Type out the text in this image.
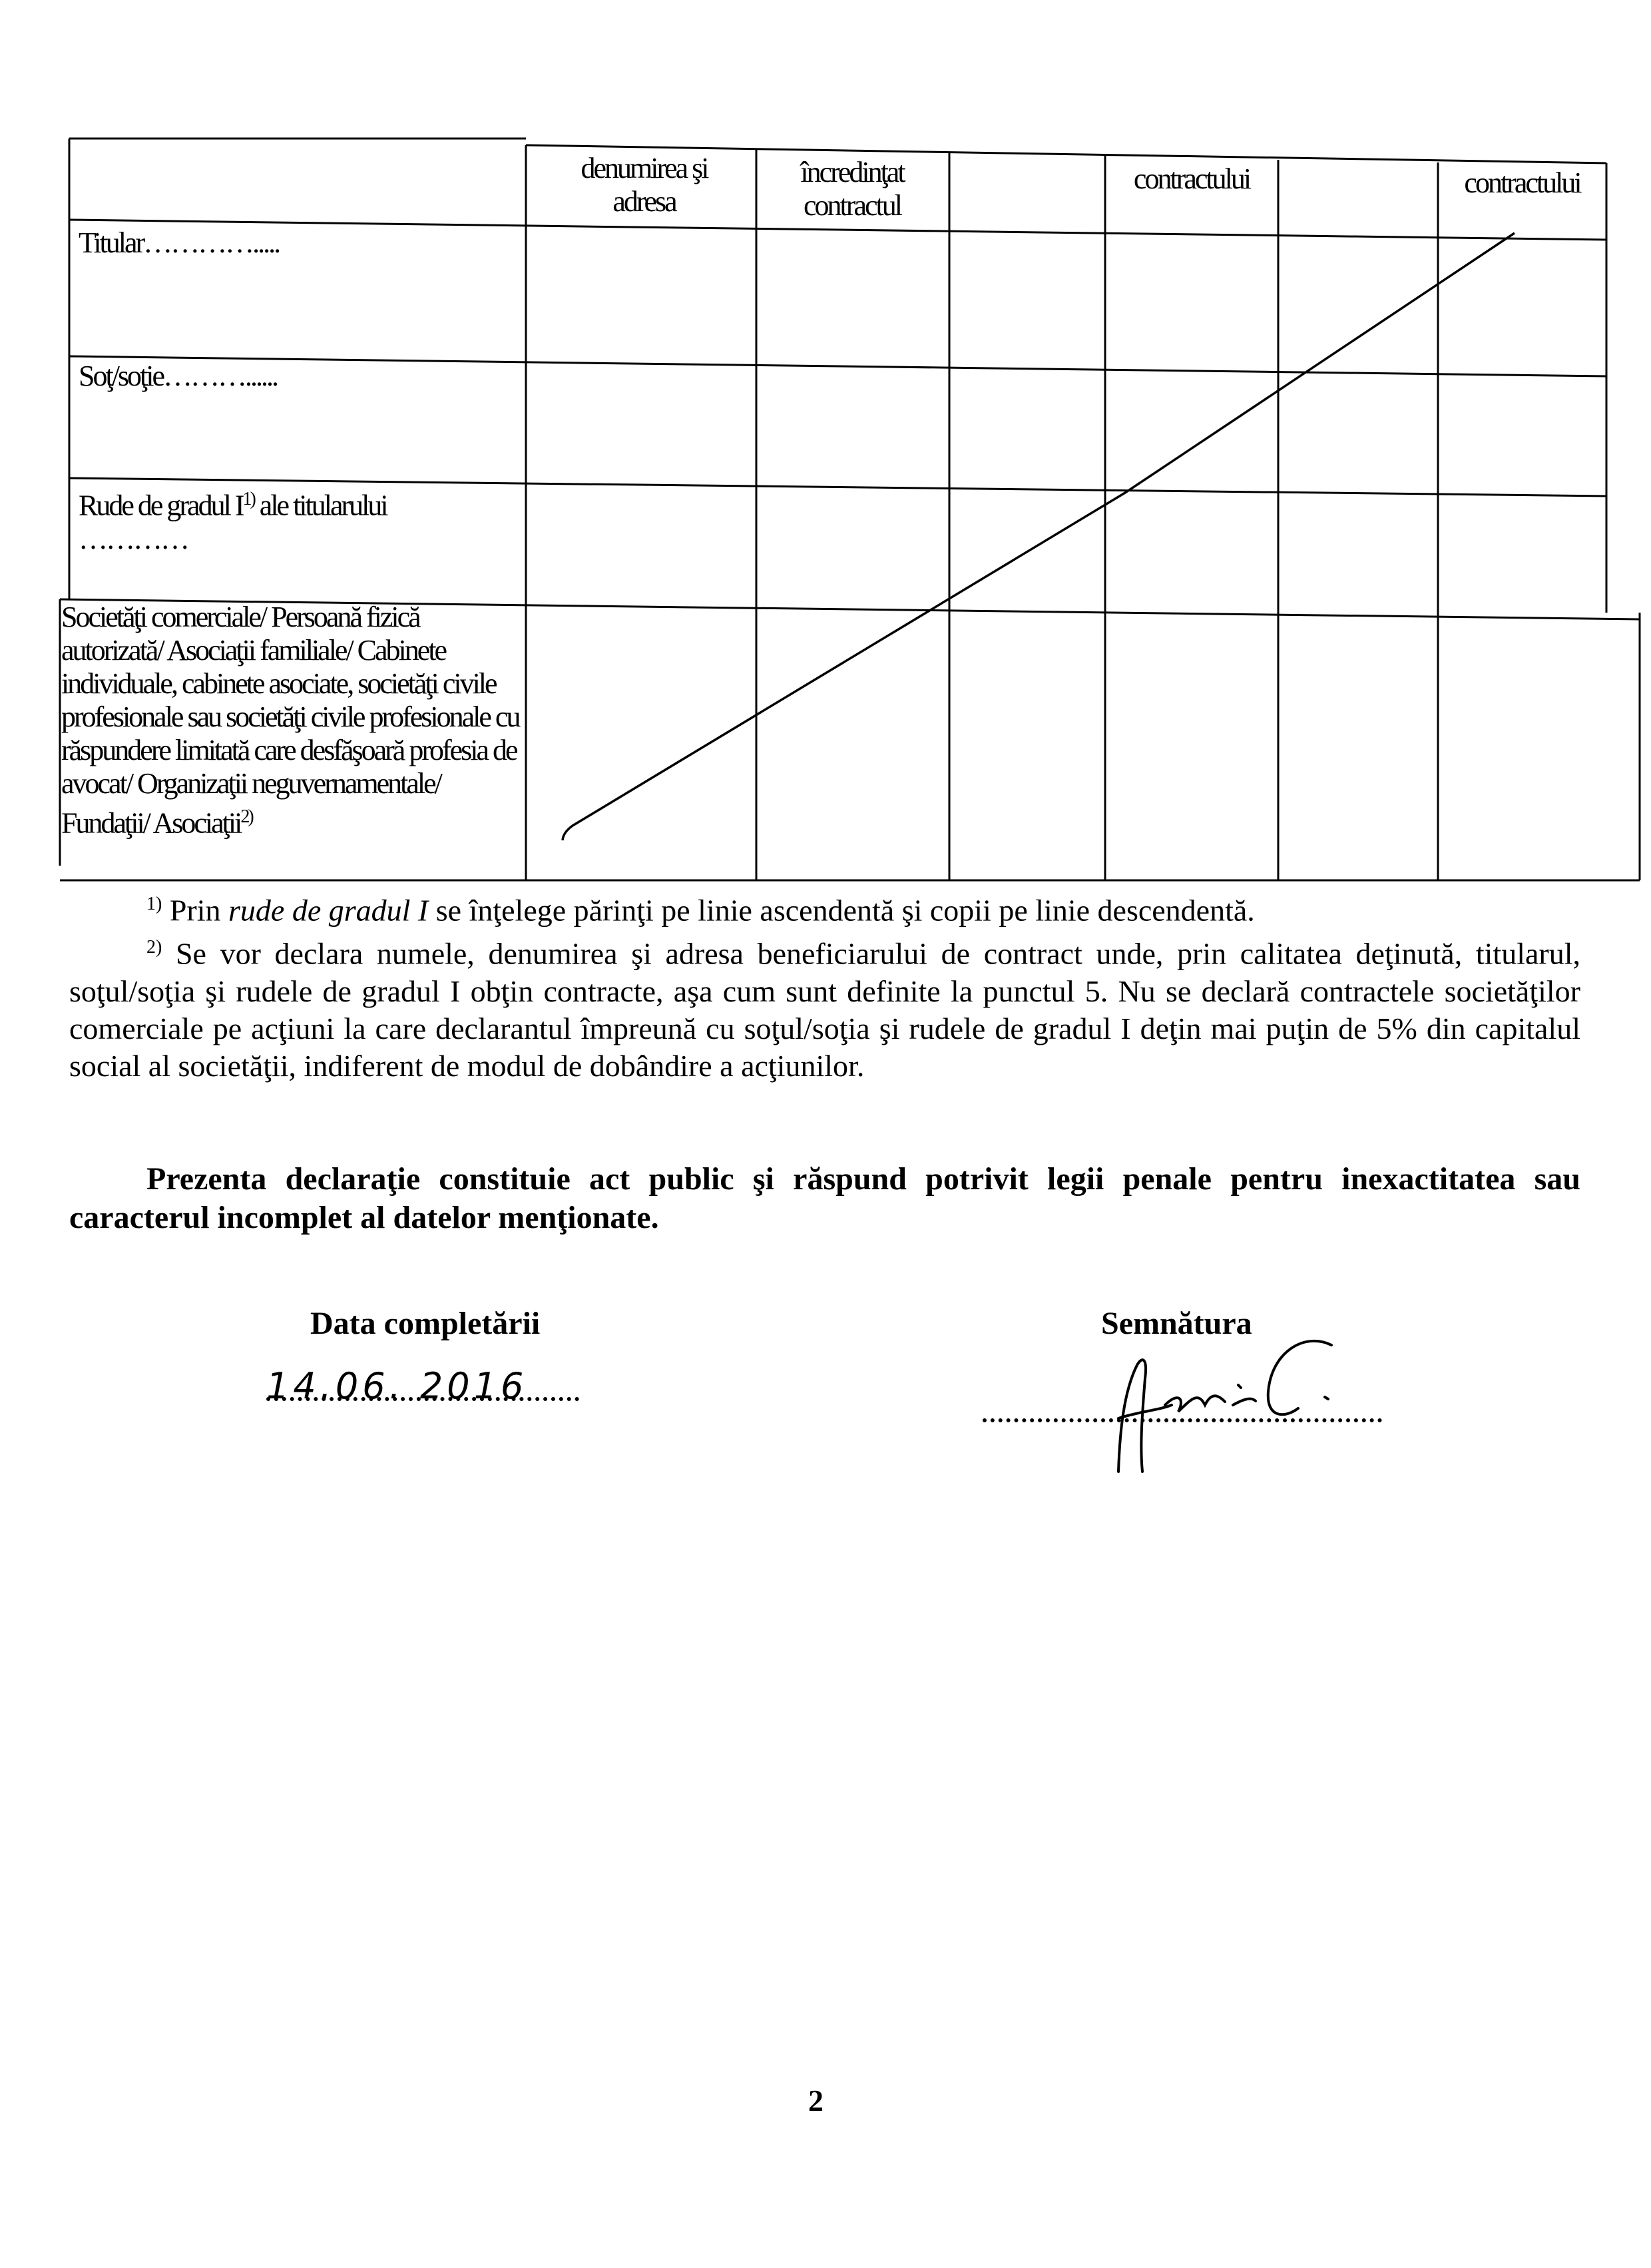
denumirea şi adresa
încredinţat contractul
contractului	contractului
Titular………….....
Soţ/soţie………......
Rude de gradul $I^{1)}$ ale titularului
…………
Societăţi comerciale/ Persoană fizică autorizată/ Asociaţii familiale/ Cabinete individuale, cabinete asociate, societăţi civile profesionale sau societăţi civile profesionale cu răspundere limitată care desfăşoară profesia de avocat/ Organizaţii neguvernamentale/ Fundaţii/ Asociaţii$^{2)}$

$^{1)}$ Prin rude de gradul I se înţelege părinţi pe linie ascendentă şi copii pe linie descendentă.

$^{2)}$ Se vor declara numele, denumirea şi adresa beneficiarului de contract unde, prin calitatea deţinută, titularul, soţul/soţia şi rudele de gradul I obţin contracte, aşa cum sunt definite la punctul 5. Nu se declară contractele societăţilor comerciale pe acţiuni la care declarantul împreună cu soţul/soţia şi rudele de gradul I deţin mai puţin de 5% din capitalul social al societăţii, indiferent de modul de dobândire a acţiunilor.

Prezenta declaraţie constituie act public şi răspund potrivit legii penale pentru inexactitatea sau caracterul incomplet al datelor menţionate.
Data completării
14.06. 2016
Semnătura
2
